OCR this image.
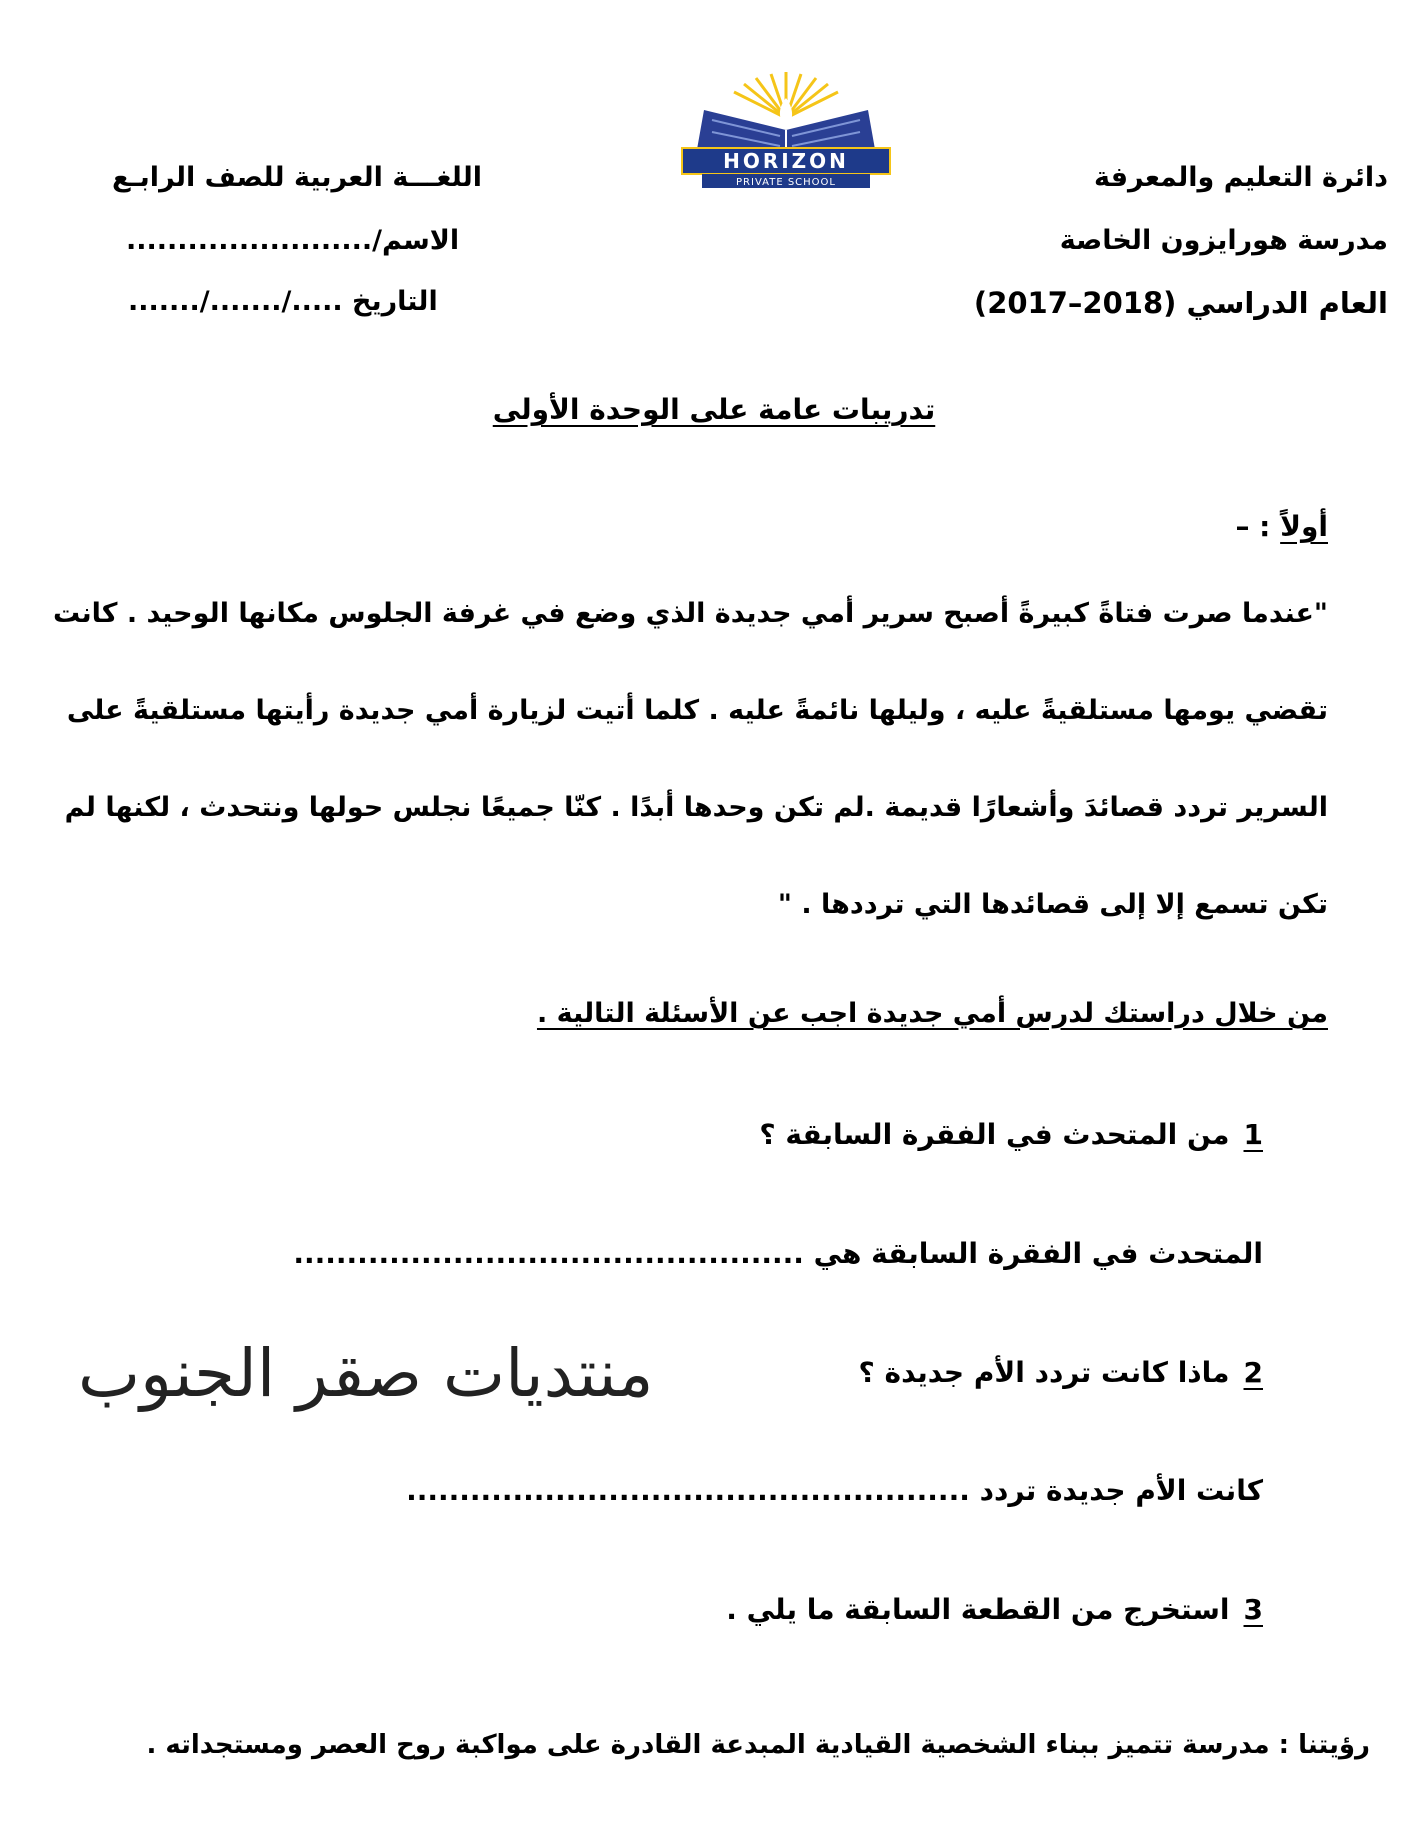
HORIZON
PRIVATE SCHOOL	دائرة التعليم والمعرفة
مدرسة هورايزون الخاصة
العام الدراسي (2018–2017)
اللغـــة العربية للصف الرابـع
الاسم/........................
التاريخ ...../......./.......
تدريبات عامة على الوحدة الأولى
أولاً : –
"عندما صرت فتاةً كبيرةً أصبح سرير أمي جديدة الذي وضع في غرفة الجلوس مكانها الوحيد . كانت
تقضي يومها مستلقيةً عليه ، وليلها نائمةً عليه . كلما أتيت لزيارة أمي جديدة رأيتها مستلقيةً على
السرير تردد قصائدَ وأشعارًا قديمة .لم تكن وحدها أبدًا . كنّا جميعًا نجلس حولها ونتحدث ، لكنها لم
تكن تسمع إلا إلى قصائدها التي ترددها . "
من خلال دراستك لدرس أمي جديدة اجب عن الأسئلة التالية .
1من المتحدث في الفقرة السابقة ؟
المتحدث في الفقرة السابقة هي ................................................
2ماذا كانت تردد الأم جديدة ؟
كانت الأم جديدة تردد .....................................................
منتديات صقر الجنوب
3استخرج من القطعة السابقة ما يلي .
رؤيتنا : مدرسة تتميز ببناء الشخصية القيادية المبدعة القادرة على مواكبة روح العصر ومستجداته .
